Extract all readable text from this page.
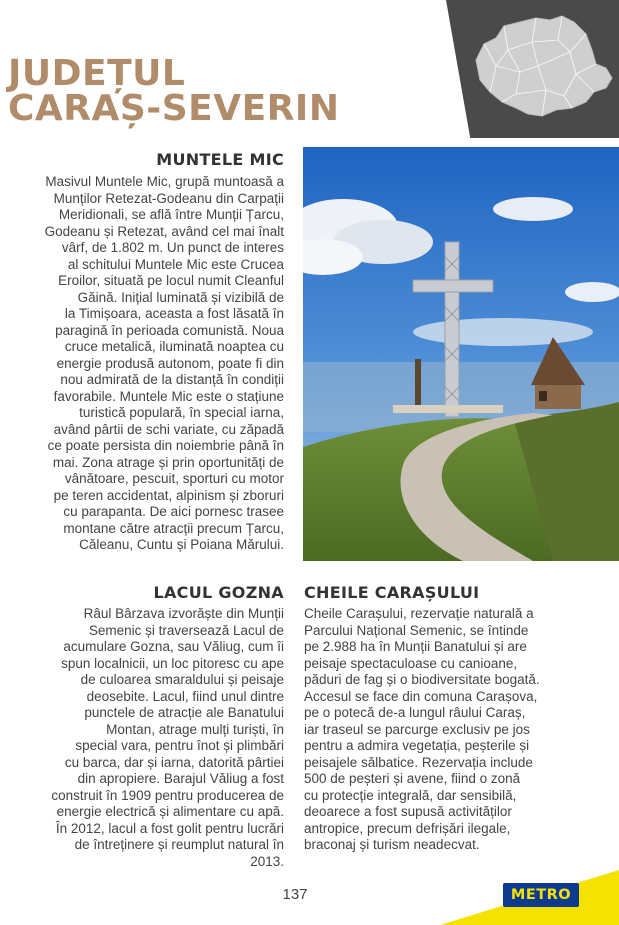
JUDEȚUL
CARAȘ-SEVERIN
MUNTELE MIC
Masivul Muntele Mic, grupă muntoasă a
Munților Retezat-Godeanu din Carpații
Meridionali, se află între Munții Țarcu,
Godeanu și Retezat, având cel mai înalt
vârf, de 1.802 m. Un punct de interes
al schitului Muntele Mic este Crucea
Eroilor, situată pe locul numit Cleanful
Găină. Inițial luminată și vizibilă de
la Timișoara, aceasta a fost lăsată în
paragină în perioada comunistă. Noua
cruce metalică, iluminată noaptea cu
energie produsă autonom, poate fi din
nou admirată de la distanță în condiții
favorabile. Muntele Mic este o stațiune
turistică populară, în special iarna,
având pârtii de schi variate, cu zăpadă
ce poate persista din noiembrie până în
mai. Zona atrage și prin oportunități de
vânătoare, pescuit, sporturi cu motor
pe teren accidentat, alpinism și zboruri
cu parapanta. De aici pornesc trasee
montane către atracții precum Țarcu,
Căleanu, Cuntu și Poiana Mărului.
LACUL GOZNA
Râul Bârzava izvorăște din Munții
Semenic și traversează Lacul de
acumulare Gozna, sau Văliug, cum îi
spun localnicii, un loc pitoresc cu ape
de culoarea smaraldului și peisaje
deosebite. Lacul, fiind unul dintre
punctele de atracție ale Banatului
Montan, atrage mulți turiști, în
special vara, pentru înot și plimbări
cu barca, dar și iarna, datorită pârtiei
din apropiere. Barajul Văliug a fost
construit în 1909 pentru producerea de
energie electrică și alimentare cu apă.
În 2012, lacul a fost golit pentru lucrări
de întreținere și reumplut natural în
2013.
CHEILE CARAȘULUI
Cheile Carașului, rezervație naturală a
Parcului Național Semenic, se întinde
pe 2.988 ha în Munții Banatului și are
peisaje spectaculoase cu canioane,
păduri de fag și o biodiversitate bogată.
Accesul se face din comuna Carașova,
pe o potecă de-a lungul râului Caraș,
iar traseul se parcurge exclusiv pe jos
pentru a admira vegetația, peșterile și
peisajele sălbatice. Rezervația include
500 de peșteri și avene, fiind o zonă
cu protecție integrală, dar sensibilă,
deoarece a fost supusă activităților
antropice, precum defrișări ilegale,
braconaj și turism neadecvat.
137	METRO
